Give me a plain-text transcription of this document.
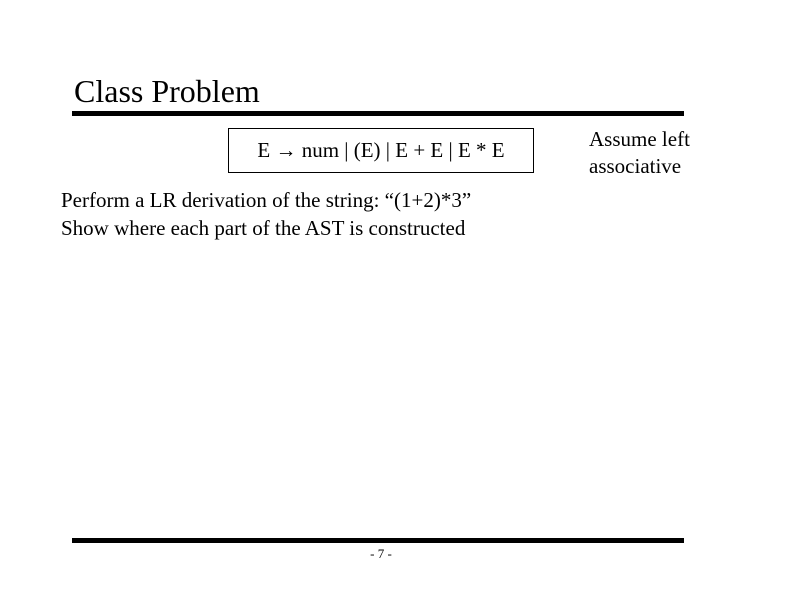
Class Problem
E → num | (E) | E + E | E * E	Assume left
associative
Perform a LR derivation of the string: “(1+2)*3”
Show where each part of the AST is constructed
- 7 -
